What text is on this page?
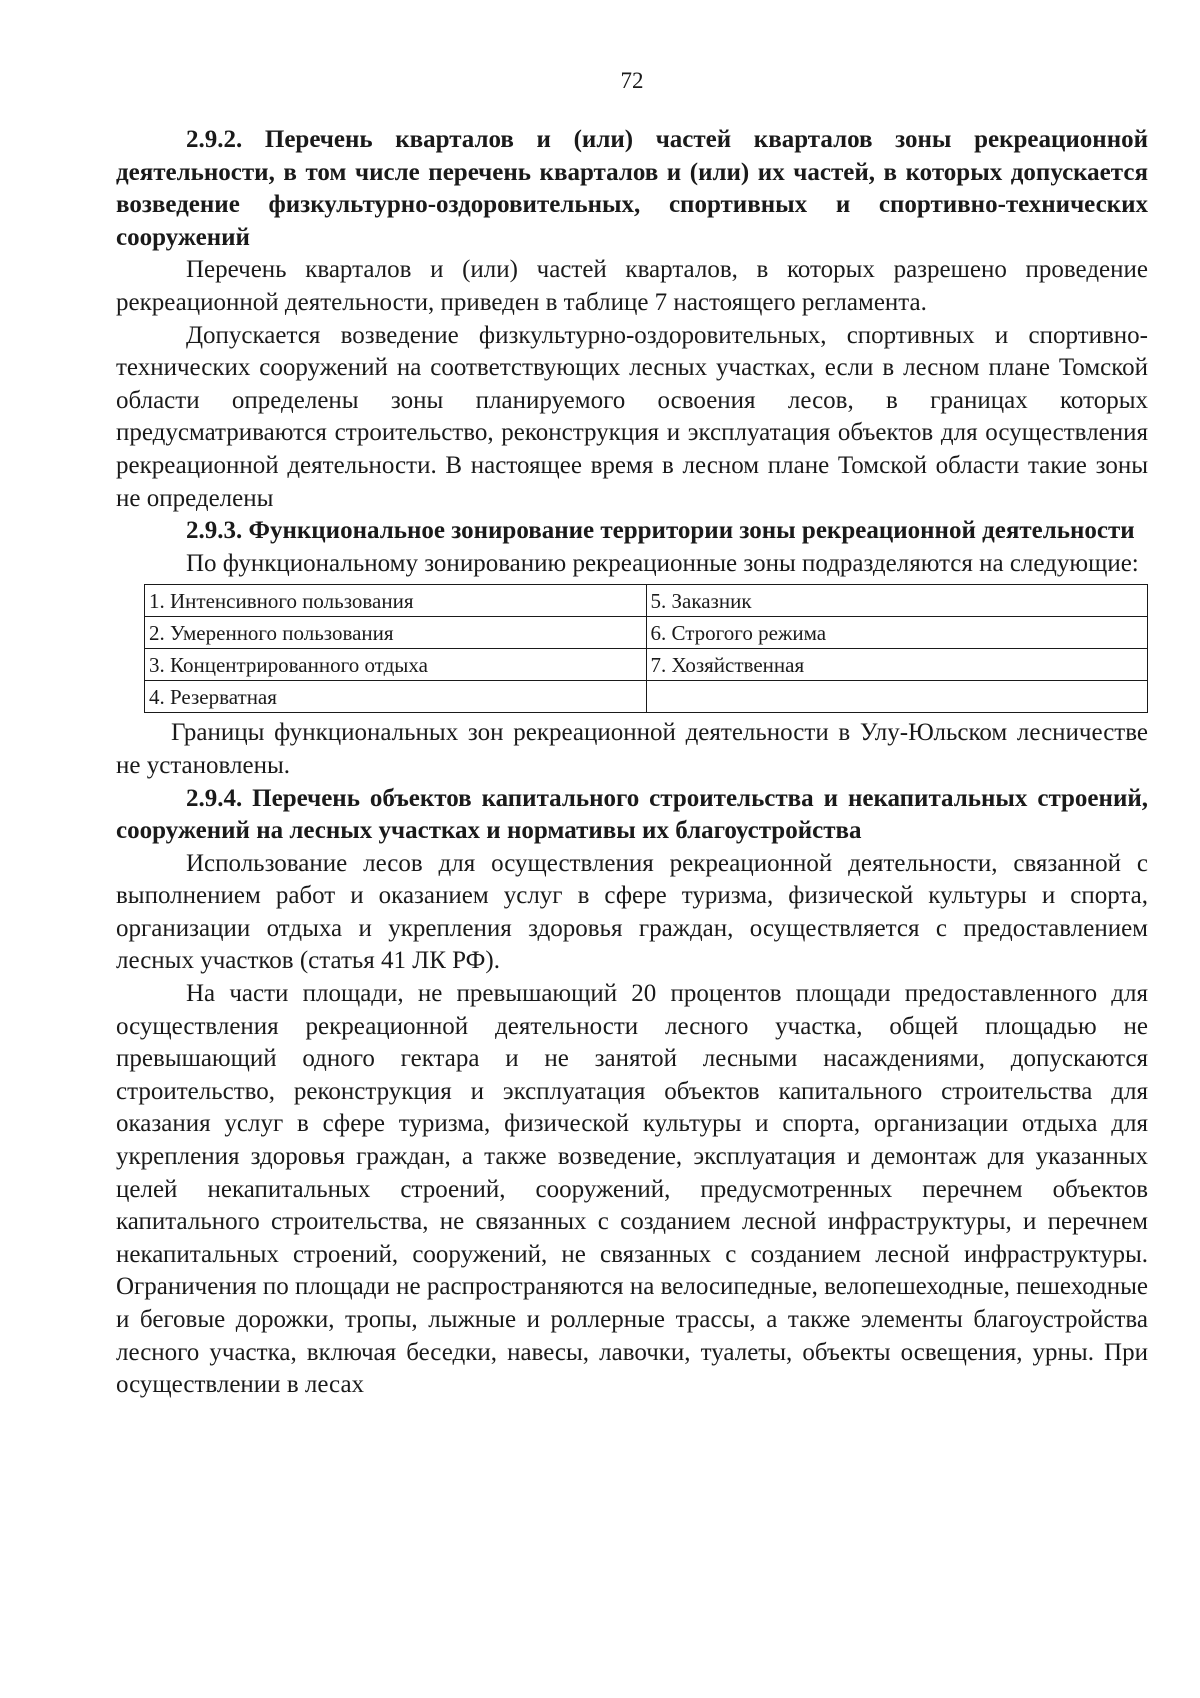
72
2.9.2. Перечень кварталов и (или) частей кварталов зоны рекреационной деятельности, в том числе перечень кварталов и (или) их частей, в которых допускается возведение физкультурно-оздоровительных, спортивных и спортивно-технических сооружений

Перечень кварталов и (или) частей кварталов, в которых разрешено проведение рекреационной деятельности, приведен в таблице 7 настоящего регламента.

Допускается возведение физкультурно-оздоровительных, спортивных и спортивно-технических сооружений на соответствующих лесных участках, если в лесном плане Томской области определены зоны планируемого освоения лесов, в границах которых предусматриваются строительство, реконструкция и эксплуатация объектов для осуществления рекреационной деятельности. В настоящее время в лесном плане Томской области такие зоны не определены

2.9.3. Функциональное зонирование территории зоны рекреационной деятельности

По функциональному зонированию рекреационные зоны подразделяются на следующие:

1. Интенсивного пользования	5. Заказник
2. Умеренного пользования	6. Строгого режима
3. Концентрированного отдыха	7. Хозяйственная
4. Резерватная	

Границы функциональных зон рекреационной деятельности в Улу-Юльском лесничестве не установлены.

2.9.4. Перечень объектов капитального строительства и некапитальных строений, сооружений на лесных участках и нормативы их благоустройства

Использование лесов для осуществления рекреационной деятельности, связанной с выполнением работ и оказанием услуг в сфере туризма, физической культуры и спорта, организации отдыха и укрепления здоровья граждан, осуществляется с предоставлением лесных участков (статья 41 ЛК РФ).

На части площади, не превышающий 20 процентов площади предоставленного для осуществления рекреационной деятельности лесного участка, общей площадью не превышающий одного гектара и не занятой лесными насаждениями, допускаются строительство, реконструкция и эксплуатация объектов капитального строительства для оказания услуг в сфере туризма, физической культуры и спорта, организации отдыха для укрепления здоровья граждан, а также возведение, эксплуатация и демонтаж для указанных целей некапитальных строений, сооружений, предусмотренных перечнем объектов капитального строительства, не связанных с созданием лесной инфраструктуры, и перечнем некапитальных строений, сооружений, не связанных с созданием лесной инфраструктуры. Ограничения по площади не распространяются на велосипедные, велопешеходные, пешеходные и беговые дорожки, тропы, лыжные и роллерные трассы, а также элементы благоустройства лесного участка, включая беседки, навесы, лавочки, туалеты, объекты освещения, урны. При осуществлении в лесах
